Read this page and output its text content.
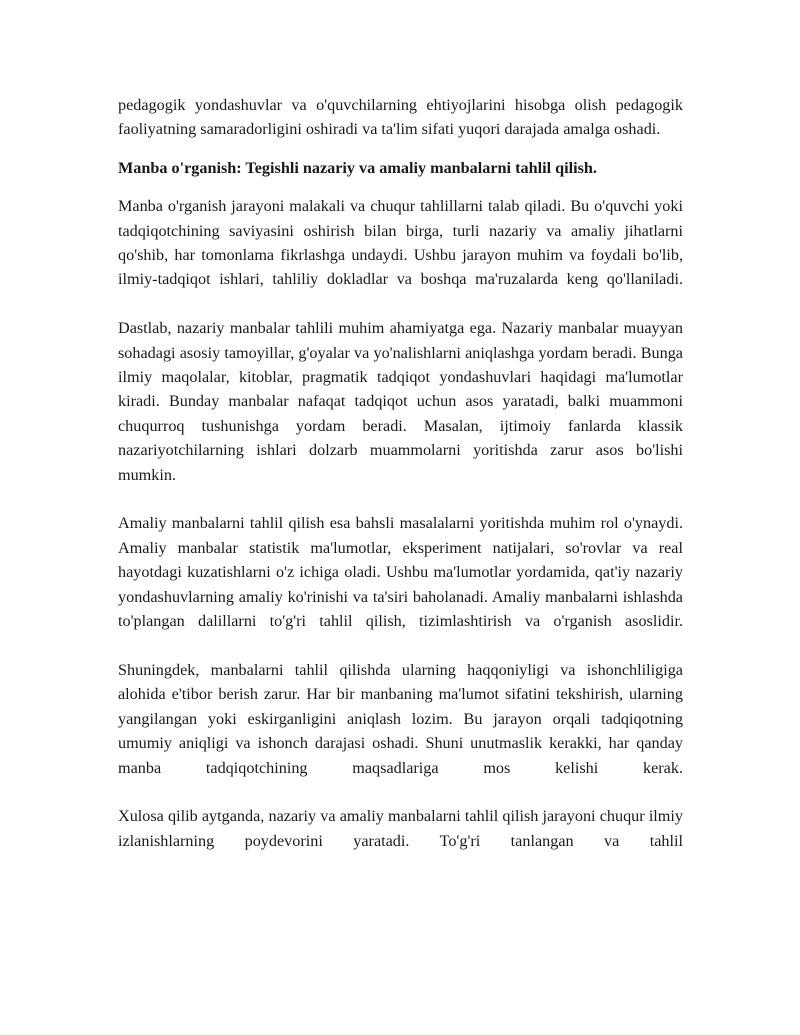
pedagogik yondashuvlar va o'quvchilarning ehtiyojlarini hisobga olish pedagogik faoliyatning samaradorligini oshiradi va ta'lim sifati yuqori darajada amalga oshadi.

Manba o'rganish: Tegishli nazariy va amaliy manbalarni tahlil qilish.

Manba o'rganish jarayoni malakali va chuqur tahlillarni talab qiladi. Bu o'quvchi yoki tadqiqotchining saviyasini oshirish bilan birga, turli nazariy va amaliy jihatlarni qo'shib, har tomonlama fikrlashga undaydi. Ushbu jarayon muhim va foydali bo'lib, ilmiy-tadqiqot ishlari, tahliliy dokladlar va boshqa ma'ruzalarda keng qo'llaniladi.

Dastlab, nazariy manbalar tahlili muhim ahamiyatga ega. Nazariy manbalar muayyan sohadagi asosiy tamoyillar, g'oyalar va yo'nalishlarni aniqlashga yordam beradi. Bunga ilmiy maqolalar, kitoblar, pragmatik tadqiqot yondashuvlari haqidagi ma'lumotlar kiradi. Bunday manbalar nafaqat tadqiqot uchun asos yaratadi, balki muammoni chuqurroq tushunishga yordam beradi. Masalan, ijtimoiy fanlarda klassik nazariyotchilarning ishlari dolzarb muammolarni yoritishda zarur asos bo'lishi mumkin.

Amaliy manbalarni tahlil qilish esa bahsli masalalarni yoritishda muhim rol o'ynaydi. Amaliy manbalar statistik ma'lumotlar, eksperiment natijalari, so'rovlar va real hayotdagi kuzatishlarni o'z ichiga oladi. Ushbu ma'lumotlar yordamida, qat'iy nazariy yondashuvlarning amaliy ko'rinishi va ta'siri baholanadi. Amaliy manbalarni ishlashda to'plangan dalillarni to'g'ri tahlil qilish, tizimlashtirish va o'rganish asoslidir.

Shuningdek, manbalarni tahlil qilishda ularning haqqoniyligi va ishonchliligiga alohida e'tibor berish zarur. Har bir manbaning ma'lumot sifatini tekshirish, ularning yangilangan yoki eskirganligini aniqlash lozim. Bu jarayon orqali tadqiqotning umumiy aniqligi va ishonch darajasi oshadi. Shuni unutmaslik kerakki, har qanday manba tadqiqotchining maqsadlariga mos kelishi kerak.

Xulosa qilib aytganda, nazariy va amaliy manbalarni tahlil qilish jarayoni chuqur ilmiy izlanishlarning poydevorini yaratadi. To'g'ri tanlangan va tahlil
